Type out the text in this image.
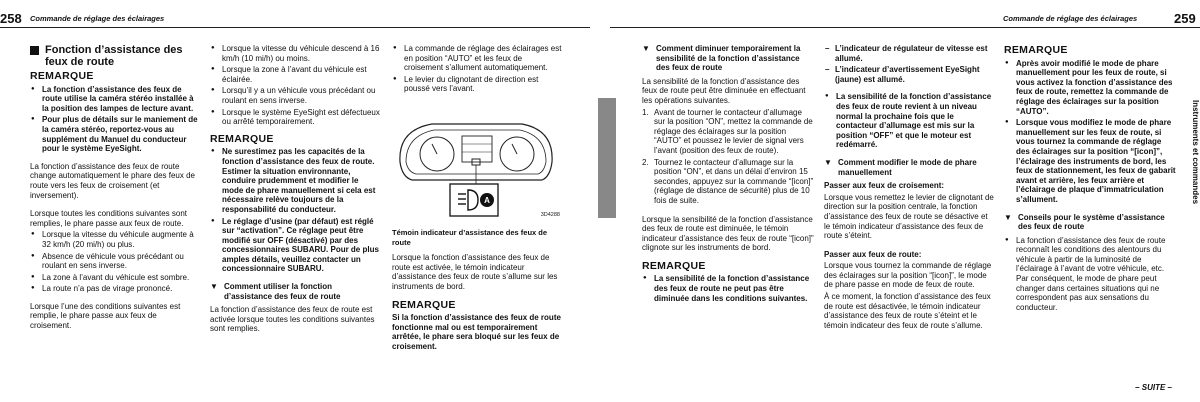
258 Commande de réglage des éclairages
Fonction d’assistance des feux de route
REMARQUE
● La fonction d’assistance des feux de route utilise la caméra stéréo installée à la position des lampes de lecture avant.
● Pour plus de détails sur le maniement de la caméra stéréo, reportez-vous au supplément du Manuel du conducteur pour le système EyeSight.

La fonction d’assistance des feux de route change automatiquement le phare des feux de route vers les feux de croisement (et inversement).

Lorsque toutes les conditions suivantes sont remplies, le phare passe aux feux de route.

● Lorsque la vitesse du véhicule augmente à 32 km/h (20 mi/h) ou plus.
● Absence de véhicule vous précédant ou roulant en sens inverse.
● La zone à l’avant du véhicule est sombre.
● La route n’a pas de virage prononcé.

Lorsque l’une des conditions suivantes est remplie, le phare passe aux feux de croisement.

● Lorsque la vitesse du véhicule descend à 16 km/h (10 mi/h) ou moins.
● Lorsque la zone à l’avant du véhicule est éclairée.
● Lorsqu’il y a un véhicule vous précédant ou roulant en sens inverse.
● Lorsque le système EyeSight est défectueux ou arrêté temporairement.
REMARQUE
● Ne surestimez pas les capacités de la fonction d’assistance des feux de route. Estimer la situation environnante, conduire prudemment et modifier le mode de phare manuellement si cela est nécessaire relève toujours de la responsabilité du conducteur.
● Le réglage d’usine (par défaut) est réglé sur “activation”. Ce réglage peut être modifié sur OFF (désactivé) par des concessionnaires SUBARU. Pour de plus amples détails, veuillez contacter un concessionnaire SUBARU.
▼ Comment utiliser la fonction d’assistance des feux de route

La fonction d’assistance des feux de route est activée lorsque toutes les conditions suivantes sont remplies.

● La commande de réglage des éclairages est en position “AUTO” et les feux de croisement s’allument automatiquement.
● Le levier du clignotant de direction est poussé vers l’avant.
A
3D4288
Témoin indicateur d’assistance des feux de route

Lorsque la fonction d’assistance des feux de route est activée, le témoin indicateur d’assistance des feux de route s’allume sur les instruments de bord.

REMARQUE

Si la fonction d’assistance des feux de route fonctionne mal ou est temporairement arrêtée, le phare sera bloqué sur les feux de croisement.

Commande de réglage des éclairages	259
▼ Comment diminuer temporairement la sensibilité de la fonction d’assistance des feux de route

La sensibilité de la fonction d’assistance des feux de route peut être diminuée en effectuant les opérations suivantes.

1. Avant de tourner le contacteur d’allumage sur la position “ON”, mettez la commande de réglage des éclairages sur la position “AUTO” et poussez le levier de signal vers l’avant (position des feux de route).
2. Tournez le contacteur d’allumage sur la position “ON”, et dans un délai d’environ 15 secondes, appuyez sur la commande “[icon]” (réglage de distance de sécurité) plus de 10 fois de suite.

Lorsque la sensibilité de la fonction d’assistance des feux de route est diminuée, le témoin indicateur d’assistance des feux de route “[icon]” clignote sur les instruments de bord.

REMARQUE
● La sensibilité de la fonction d’assistance des feux de route ne peut pas être diminuée dans les conditions suivantes.
– L’indicateur de régulateur de vitesse est allumé.
– L’indicateur d’avertissement EyeSight (jaune) est allumé.
● La sensibilité de la fonction d’assistance des feux de route revient à un niveau normal la prochaine fois que le contacteur d’allumage est mis sur la position “OFF” et que le moteur est redémarré.
▼ Comment modifier le mode de phare manuellement
Passer aux feux de croisement:

Lorsque vous remettez le levier de clignotant de direction sur la position centrale, la fonction d’assistance des feux de route se désactive et le témoin indicateur d’assistance des feux de route s’éteint.

Passer aux feux de route:

Lorsque vous tournez la commande de réglage des éclairages sur la position “[icon]”, le mode de phare passe en mode de feux de route.

À ce moment, la fonction d’assistance des feux de route est désactivée, le témoin indicateur d’assistance des feux de route s’éteint et le témoin indicateur des feux de route s’allume.

REMARQUE
● Après avoir modifié le mode de phare manuellement pour les feux de route, si vous activez la fonction d’assistance des feux de route, remettez la commande de réglage des éclairages sur la position “AUTO”.
● Lorsque vous modifiez le mode de phare manuellement sur les feux de route, si vous tournez la commande de réglage des éclairages sur la position “[icon]”, l’éclairage des instruments de bord, les feux de stationnement, les feux de gabarit avant et arrière, les feux arrière et l’éclairage de plaque d’immatriculation s’allument.
▼ Conseils pour le système d’assistance des feux de route
● La fonction d’assistance des feux de route reconnaît les conditions des alentours du véhicule à partir de la luminosité de l’éclairage à l’avant de votre véhicule, etc. Par conséquent, le mode de phare peut changer dans certaines situations qui ne correspondent pas aux sensations du conducteur.
Instruments et commandes
– SUITE –
